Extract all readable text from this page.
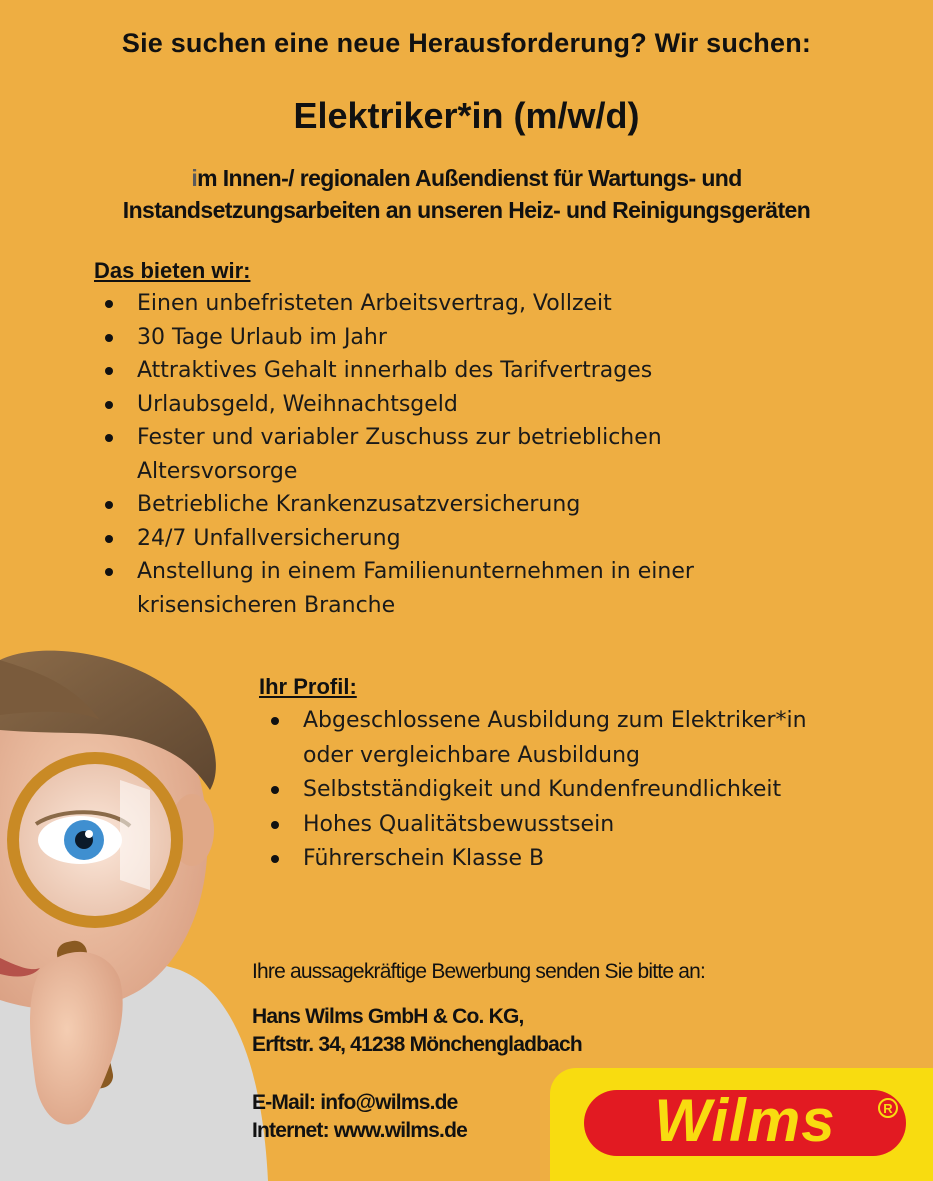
Sie suchen eine neue Herausforderung? Wir suchen:
Elektriker*in (m/w/d)
im Innen-/ regionalen Außendienst für Wartungs- und
Instandsetzungsarbeiten an unseren Heiz- und Reinigungsgeräten
Das bieten wir:
Einen unbefristeten Arbeitsvertrag, Vollzeit
30 Tage Urlaub im Jahr
Attraktives Gehalt innerhalb des Tarifvertrages
Urlaubsgeld, Weihnachtsgeld
Fester und variabler Zuschuss zur betrieblichen Altersvorsorge
Betriebliche Krankenzusatzversicherung
24/7 Unfallversicherung
Anstellung in einem Familienunternehmen in einer krisensicheren Branche
Ihr Profil:
Abgeschlossene Ausbildung zum Elektriker*in oder vergleichbare Ausbildung
Selbstständigkeit und Kundenfreundlichkeit
Hohes Qualitätsbewusstsein
Führerschein Klasse B
Ihre aussagekräftige Bewerbung senden Sie bitte an:
Hans Wilms GmbH & Co. KG,
Erftstr. 34, 41238 Mönchengladbach
E-Mail: info@wilms.de
Internet: www.wilms.de	Wilms	R
